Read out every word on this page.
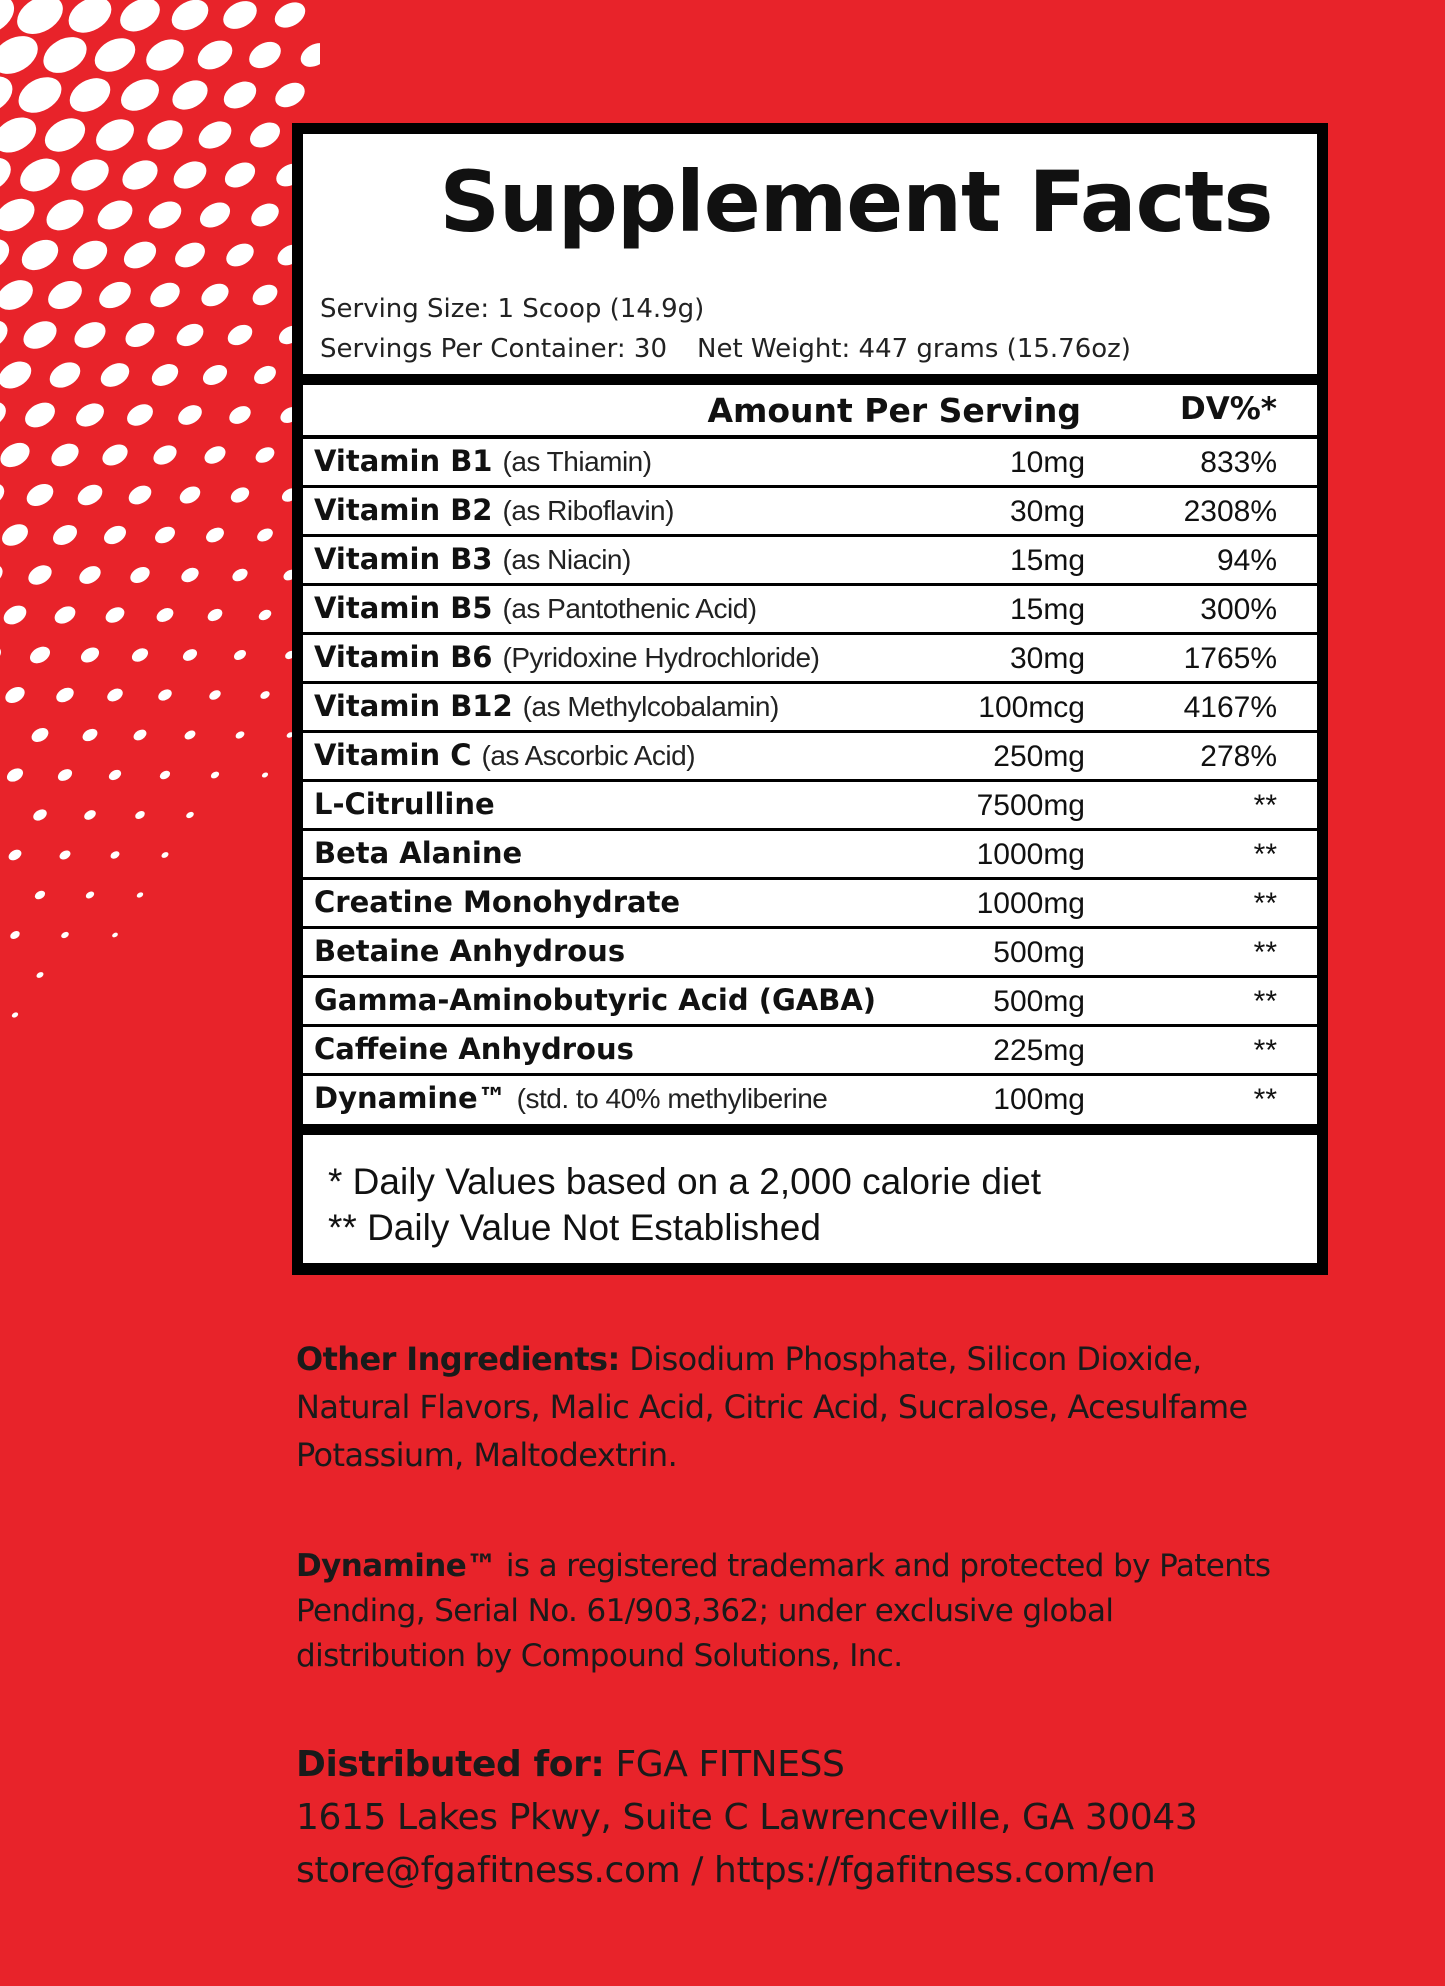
Supplement Facts
Serving Size: 1 Scoop (14.9g)
Servings Per Container: 30 Net Weight: 447 grams (15.76oz)
Amount Per Serving	DV%*
Vitamin B1 (as Thiamin)	10mg	833%
Vitamin B2 (as Riboflavin)	30mg	2308%
Vitamin B3 (as Niacin)	15mg	94%
Vitamin B5 (as Pantothenic Acid)	15mg	300%
Vitamin B6 (Pyridoxine Hydrochloride)	30mg	1765%
Vitamin B12 (as Methylcobalamin)	100mcg	4167%
Vitamin C (as Ascorbic Acid)	250mg	278%
L-Citrulline	7500mg	**
Beta Alanine	1000mg	**
Creatine Monohydrate	1000mg	**
Betaine Anhydrous	500mg	**
Gamma-Aminobutyric Acid (GABA)	500mg	**
Caffeine Anhydrous	225mg	**
Dynamine™ (std. to 40% methyliberine	100mg	**
* Daily Values based on a 2,000 calorie diet
** Daily Value Not Established
Other Ingredients: Disodium Phosphate, Silicon Dioxide,
Natural Flavors, Malic Acid, Citric Acid, Sucralose, Acesulfame
Potassium, Maltodextrin.
Dynamine™ is a registered trademark and protected by Patents
Pending, Serial No. 61/903,362; under exclusive global
distribution by Compound Solutions, Inc.
Distributed for: FGA FITNESS
1615 Lakes Pkwy, Suite C Lawrenceville, GA 30043
store@fgafitness.com / https://fgafitness.com/en
